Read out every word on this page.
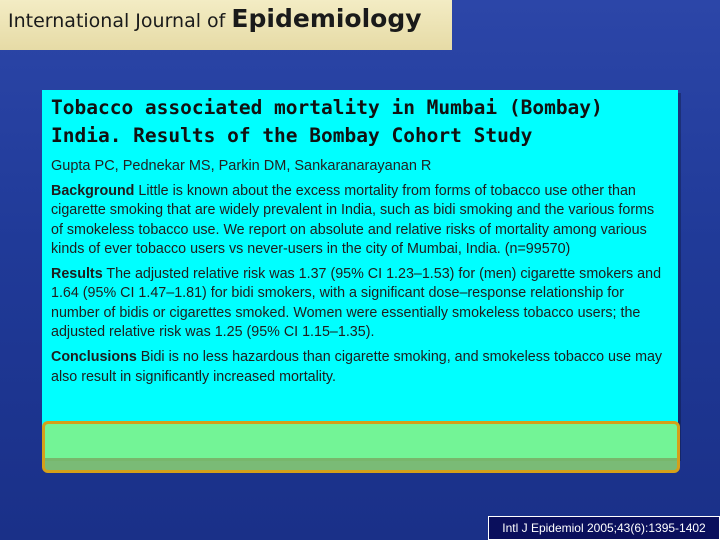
International Journal of Epidemiology
Tobacco associated mortality in Mumbai (Bombay) India. Results of the Bombay Cohort Study

Gupta PC, Pednekar MS, Parkin DM, Sankaranarayanan R

Background Little is known about the excess mortality from forms of tobacco use other than cigarette smoking that are widely prevalent in India, such as bidi smoking and the various forms of smokeless tobacco use. We report on absolute and relative risks of mortality among various kinds of ever tobacco users vs never-users in the city of Mumbai, India. (n=99570)

Results The adjusted relative risk was 1.37 (95% CI 1.23–1.53) for (men) cigarette smokers and 1.64 (95% CI 1.47–1.81) for bidi smokers, with a significant dose–response relationship for number of bidis or cigarettes smoked. Women were essentially smokeless tobacco users; the adjusted relative risk was 1.25 (95% CI 1.15–1.35).

Conclusions Bidi is no less hazardous than cigarette smoking, and smokeless tobacco use may also result in significantly increased mortality.

Intl J Epidemiol 2005;43(6):1395-1402
